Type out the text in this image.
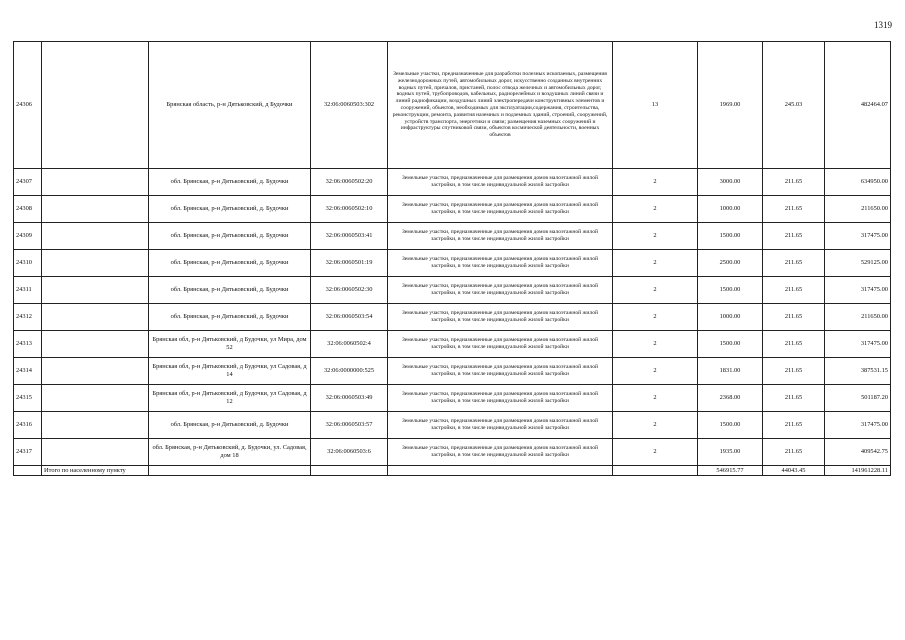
1319
24306		Брянская область, р-н Дятьковский, д Будочки	32:06:0060503:302	Земельные участки, предназначенные для разработки полезных ископаемых, размещения железнодорожных путей, автомобильных дорог, искусственно созданных внутренних водных путей, причалов, пристаней, полос отвода железных и автомобильных дорог, водных путей, трубопроводов, кабельных, радиорелейных и воздушных линий связи и линий радиофикации, воздушных линий электропередачи конструктивных элементов и сооружений, объектов, необходимых для эксплуатации,содержания, строительства, реконструкции, ремонта, развития наземных и подземных зданий, строений, сооружений, устройств транспорта, энергетики и связи; размещения наземных сооружений и инфраструктуры спутниковой связи, объектов космической деятельности, военных объектов	13	1969.00	245.03	482464.07
24307		обл. Брянская, р-н Дятьковский, д. Будочки	32:06:0060502:20	Земельные участки, предназначенные для размещения домов малоэтажной жилой застройки, в том числе индивидуальной жилой застройки	2	3000.00	211.65	634950.00
24308		обл. Брянская, р-н Дятьковский, д. Будочки	32:06:0060502:10	Земельные участки, предназначенные для размещения домов малоэтажной жилой застройки, в том числе индивидуальной жилой застройки	2	1000.00	211.65	211650.00
24309		обл. Брянская, р-н Дятьковский, д. Будочки	32:06:0060503:41	Земельные участки, предназначенные для размещения домов малоэтажной жилой застройки, в том числе индивидуальной жилой застройки	2	1500.00	211.65	317475.00
24310		обл. Брянская, р-н Дятьковский, д. Будочки	32:06:0060501:19	Земельные участки, предназначенные для размещения домов малоэтажной жилой застройки, в том числе индивидуальной жилой застройки	2	2500.00	211.65	529125.00
24311		обл. Брянская, р-н Дятьковский, д. Будочки	32:06:0060502:30	Земельные участки, предназначенные для размещения домов малоэтажной жилой застройки, в том числе индивидуальной жилой застройки	2	1500.00	211.65	317475.00
24312		обл. Брянская, р-н Дятьковский, д. Будочки	32:06:0060503:54	Земельные участки, предназначенные для размещения домов малоэтажной жилой застройки, в том числе индивидуальной жилой застройки	2	1000.00	211.65	211650.00
24313		Брянская обл, р-н Дятьковский, д Будочки, ул Мира, дом 52	32:06:0060502:4	Земельные участки, предназначенные для размещения домов малоэтажной жилой застройки, в том числе индивидуальной жилой застройки	2	1500.00	211.65	317475.00
24314		Брянская обл, р-н Дятьковский, д Будочки, ул Садовая, д 14	32:06:0000000:525	Земельные участки, предназначенные для размещения домов малоэтажной жилой застройки, в том числе индивидуальной жилой застройки	2	1831.00	211.65	387531.15
24315		Брянская обл, р-н Дятьковский, д Будочки, ул Садовая, д 12	32:06:0060503:49	Земельные участки, предназначенные для размещения домов малоэтажной жилой застройки, в том числе индивидуальной жилой застройки	2	2368.00	211.65	501187.20
24316		обл. Брянская, р-н Дятьковский, д. Будочки	32:06:0060503:57	Земельные участки, предназначенные для размещения домов малоэтажной жилой застройки, в том числе индивидуальной жилой застройки	2	1500.00	211.65	317475.00
24317		обл. Брянская, р-н Дятьковский, д. Будочки, ул. Садовая, дом 18	32:06:0060503:6	Земельные участки, предназначенные для размещения домов малоэтажной жилой застройки, в том числе индивидуальной жилой застройки	2	1935.00	211.65	409542.75
	Итого по населенному пункту					546915.77	44043.45	141961228.11
